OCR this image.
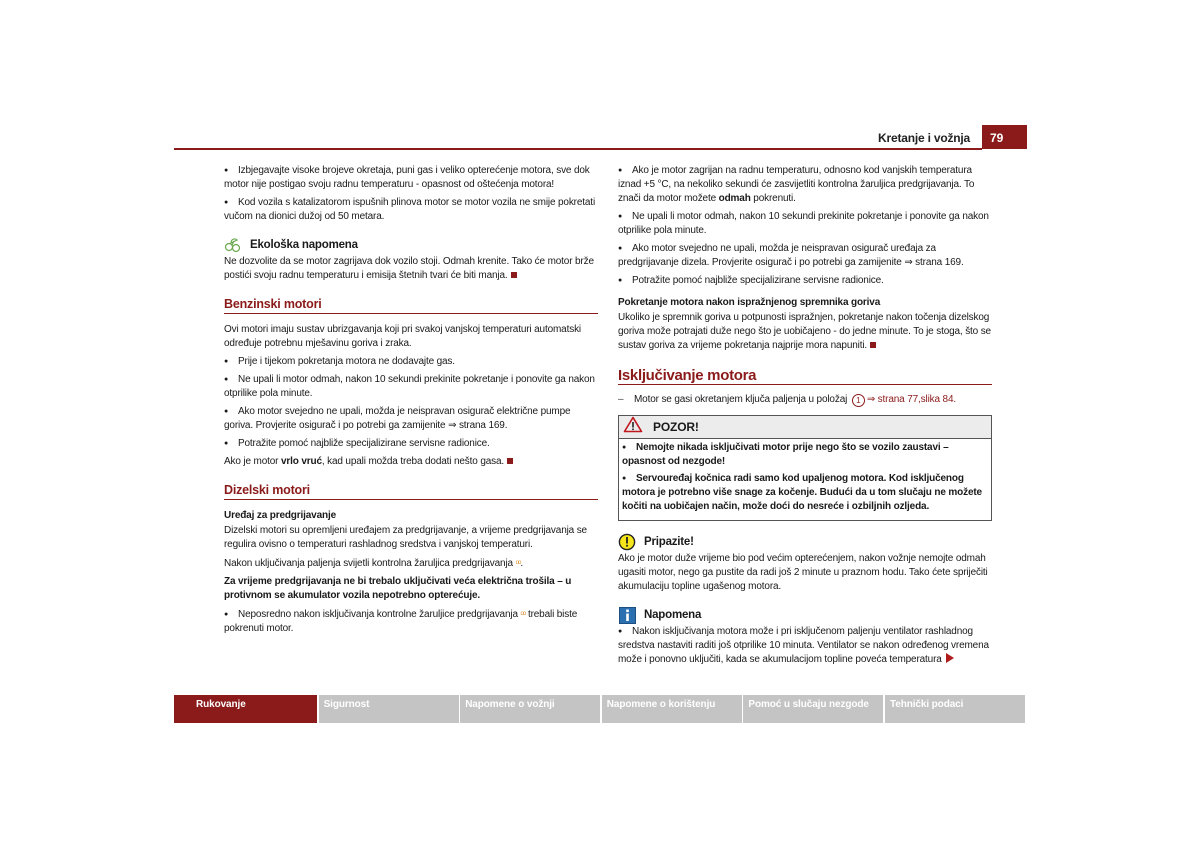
Kretanje i vožnja	79

● Izbjegavajte visoke brojeve okretaja, puni gas i veliko opterećenje motora, sve dok motor nije postigao svoju radnu temperaturu - opasnost od oštećenja motora!

● Kod vozila s katalizatorom ispušnih plinova motor se motor vozila ne smije pokretati vučom na dionici dužoj od 50 metara.

Ekološka napomena

Ne dozvolite da se motor zagrijava dok vozilo stoji. Odmah krenite. Tako će motor brže postići svoju radnu temperaturu i emisija štetnih tvari će biti manja.

Benzinski motori

Ovi motori imaju sustav ubrizgavanja koji pri svakoj vanjskoj temperaturi automatski određuje potrebnu mješavinu goriva i zraka.

● Prije i tijekom pokretanja motora ne dodavajte gas.

● Ne upali li motor odmah, nakon 10 sekundi prekinite pokretanje i ponovite ga nakon otprilike pola minute.

● Ako motor svejedno ne upali, možda je neispravan osigurač električne pumpe goriva. Provjerite osigurač i po potrebi ga zamijenite ⇒ strana 169.

● Potražite pomoć najbliže specijalizirane servisne radionice.

Ako je motor vrlo vruć, kad upali možda treba dodati nešto gasa.

Dizelski motori
Uređaj za predgrijavanje

Dizelski motori su opremljeni uređajem za predgrijavanje, a vrijeme predgrijavanja se regulira ovisno o temperaturi rashladnog sredstva i vanjskoj temperaturi.

Nakon uključivanja paljenja svijetli kontrolna žaruljica predgrijavanja ᵒᵒ.

Za vrijeme predgrijavanja ne bi trebalo uključivati veća električna trošila – u protivnom se akumulator vozila nepotrebno opterećuje.

● Neposredno nakon isključivanja kontrolne žaruljice predgrijavanja ᵒᵒ trebali biste pokrenuti motor.

● Ako je motor zagrijan na radnu temperaturu, odnosno kod vanjskih temperatura iznad +5 °C, na nekoliko sekundi će zasvijetliti kontrolna žaruljica predgrijavanja. To znači da motor možete odmah pokrenuti.

● Ne upali li motor odmah, nakon 10 sekundi prekinite pokretanje i ponovite ga nakon otprilike pola minute.

● Ako motor svejedno ne upali, možda je neispravan osigurač uređaja za predgrijavanje dizela. Provjerite osigurač i po potrebi ga zamijenite ⇒ strana 169.

● Potražite pomoć najbliže specijalizirane servisne radionice.

Pokretanje motora nakon ispražnjenog spremnika goriva

Ukoliko je spremnik goriva u potpunosti ispražnjen, pokretanje nakon točenja dizelskog goriva može potrajati duže nego što je uobičajeno - do jedne minute. To je stoga, što se sustav goriva za vrijeme pokretanja najprije mora napuniti.

Isključivanje motora

– Motor se gasi okretanjem ključa paljenja u položaj 1 ⇒ strana 77,slika 84.

POZOR!

● Nemojte nikada isključivati motor prije nego što se vozilo zaustavi – opasnost od nezgode!

● Servouređaj kočnica radi samo kod upaljenog motora. Kod isključenog motora je potrebno više snage za kočenje. Budući da u tom slučaju ne možete kočiti na uobičajen način, može doći do nesreće i ozbiljnih ozljeda.

Pripazite!

Ako je motor duže vrijeme bio pod većim opterećenjem, nakon vožnje nemojte odmah ugasiti motor, nego ga pustite da radi još 2 minute u praznom hodu. Tako ćete spriječiti akumulaciju topline ugašenog motora.

Napomena

● Nakon isključivanja motora može i pri isključenom paljenju ventilator rashladnog sredstva nastaviti raditi još otprilike 10 minuta. Ventilator se nakon određenog vremena može i ponovno uključiti, kada se akumulacijom topline poveća temperatura

Rukovanje	Sigurnost	Napomene o vožnji	Napomene o korištenju	Pomoć u slučaju nezgode	Tehnički podaci
